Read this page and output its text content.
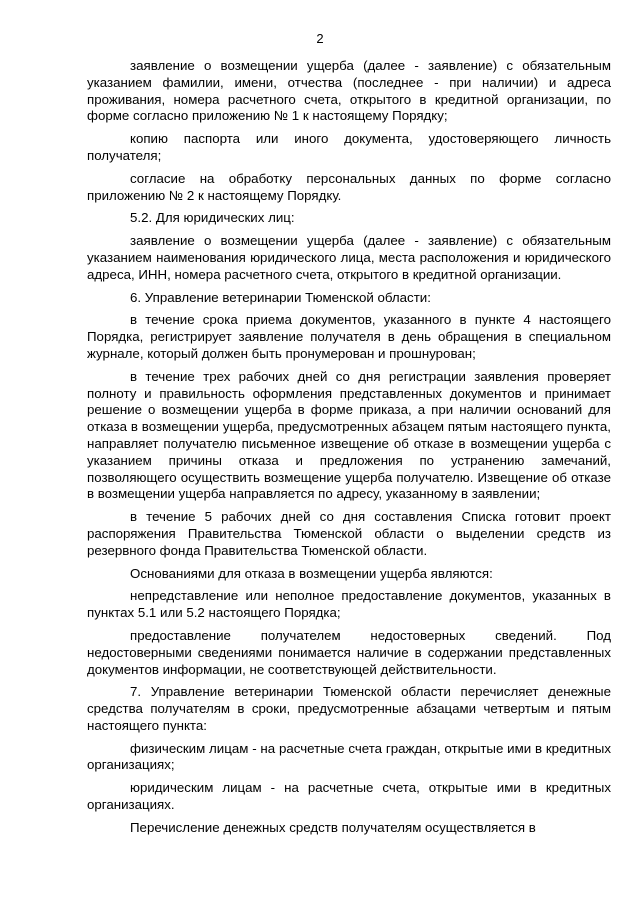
2

заявление о возмещении ущерба (далее - заявление) с обязательным указанием фамилии, имени, отчества (последнее - при наличии) и адреса проживания, номера расчетного счета, открытого в кредитной организации, по форме согласно приложению № 1 к настоящему Порядку;

копию паспорта или иного документа, удостоверяющего личность получателя;

согласие на обработку персональных данных по форме согласно приложению № 2 к настоящему Порядку.

5.2. Для юридических лиц:

заявление о возмещении ущерба (далее - заявление) с обязательным указанием наименования юридического лица, места расположения и юридического адреса, ИНН, номера расчетного счета, открытого в кредитной организации.

6. Управление ветеринарии Тюменской области:

в течение срока приема документов, указанного в пункте 4 настоящего Порядка, регистрирует заявление получателя в день обращения в специальном журнале, который должен быть пронумерован и прошнурован;

в течение трех рабочих дней со дня регистрации заявления проверяет полноту и правильность оформления представленных документов и принимает решение о возмещении ущерба в форме приказа, а при наличии оснований для отказа в возмещении ущерба, предусмотренных абзацем пятым настоящего пункта, направляет получателю письменное извещение об отказе в возмещении ущерба с указанием причины отказа и предложения по устранению замечаний, позволяющего осуществить возмещение ущерба получателю. Извещение об отказе в возмещении ущерба направляется по адресу, указанному в заявлении;

в течение 5 рабочих дней со дня составления Списка готовит проект распоряжения Правительства Тюменской области о выделении средств из резервного фонда Правительства Тюменской области.

Основаниями для отказа в возмещении ущерба являются:

непредставление или неполное предоставление документов, указанных в пунктах 5.1 или 5.2 настоящего Порядка;

предоставление получателем недостоверных сведений. Под недостоверными сведениями понимается наличие в содержании представленных документов информации, не соответствующей действительности.

7. Управление ветеринарии Тюменской области перечисляет денежные средства получателям в сроки, предусмотренные абзацами четвертым и пятым настоящего пункта:

физическим лицам - на расчетные счета граждан, открытые ими в кредитных организациях;

юридическим лицам - на расчетные счета, открытые ими в кредитных организациях.

Перечисление денежных средств получателям осуществляется в
